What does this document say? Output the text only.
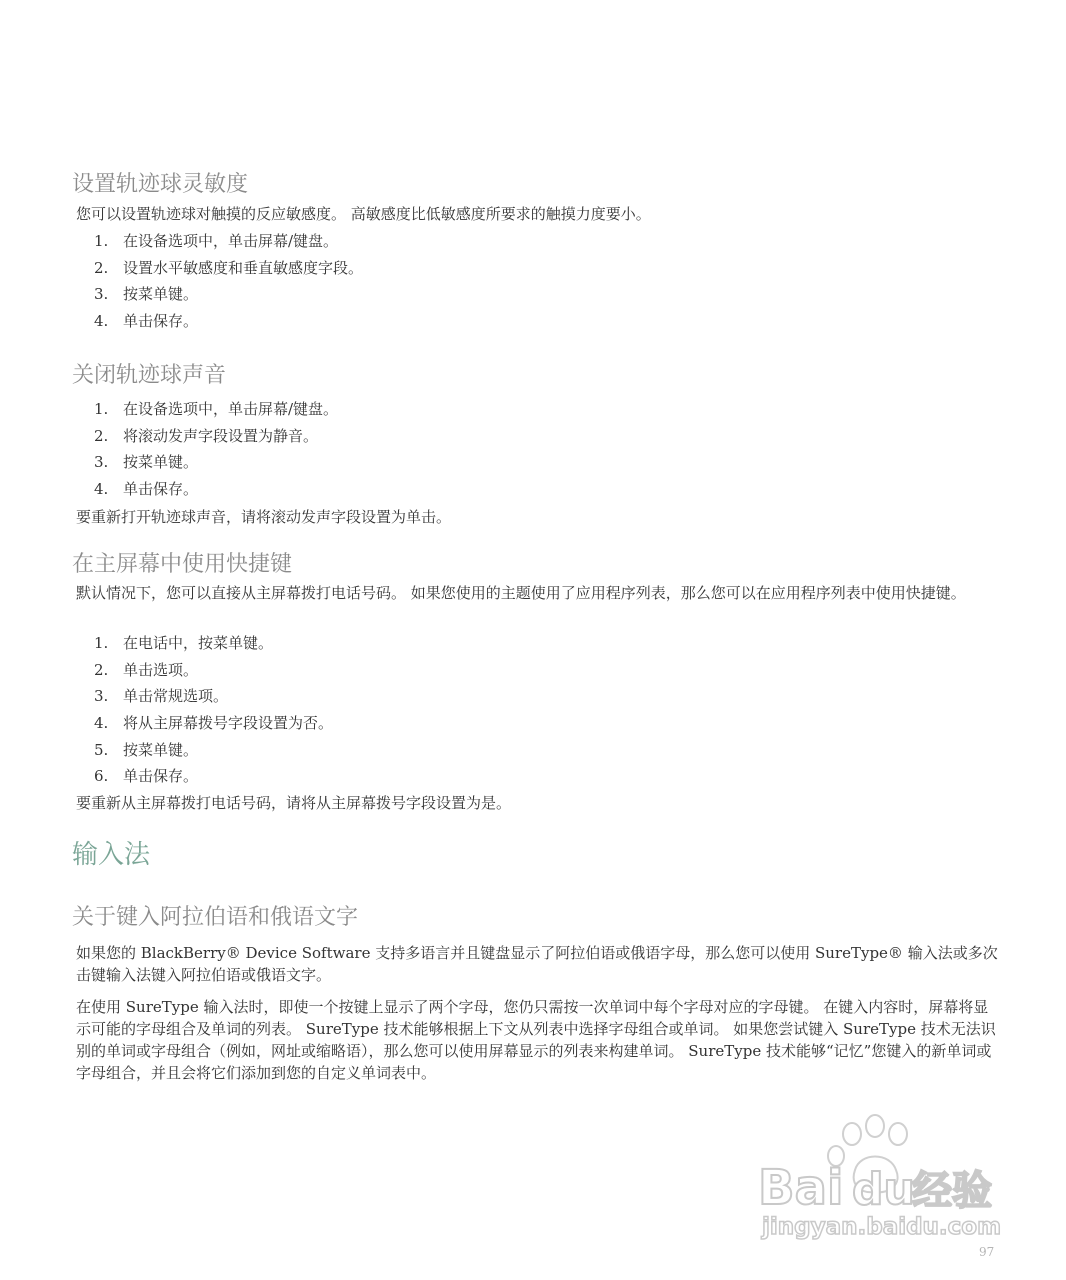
设置轨迹球灵敏度
您可以设置轨迹球对触摸的反应敏感度。 高敏感度比低敏感度所要求的触摸力度要小。
1. 在设备选项中，单击屏幕/键盘。
2. 设置水平敏感度和垂直敏感度字段。
3. 按菜单键。
4. 单击保存。
关闭轨迹球声音
1. 在设备选项中，单击屏幕/键盘。
2. 将滚动发声字段设置为静音。
3. 按菜单键。
4. 单击保存。
要重新打开轨迹球声音，请将滚动发声字段设置为单击。
在主屏幕中使用快捷键
默认情况下，您可以直接从主屏幕拨打电话号码。 如果您使用的主题使用了应用程序列表，那么您可以在应用程序列表中使用快捷键。
1. 在电话中，按菜单键。
2. 单击选项。
3. 单击常规选项。
4. 将从主屏幕拨号字段设置为否。
5. 按菜单键。
6. 单击保存。
要重新从主屏幕拨打电话号码，请将从主屏幕拨号字段设置为是。
输入法
关于键入阿拉伯语和俄语文字
如果您的 BlackBerry® Device Software 支持多语言并且键盘显示了阿拉伯语或俄语字母，那么您可以使用 SureType® 输入法或多次击键输入法键入阿拉伯语或俄语文字。
在使用 SureType 输入法时，即使一个按键上显示了两个字母，您仍只需按一次单词中每个字母对应的字母键。 在键入内容时，屏幕将显示可能的字母组合及单词的列表。 SureType 技术能够根据上下文从列表中选择字母组合或单词。 如果您尝试键入 SureType 技术无法识别的单词或字母组合（例如，网址或缩略语），那么您可以使用屏幕显示的列表来构建单词。 SureType 技术能够“记忆”您键入的新单词或字母组合，并且会将它们添加到您的自定义单词表中。
Bai du
经验
jingyan.baidu.com
97
